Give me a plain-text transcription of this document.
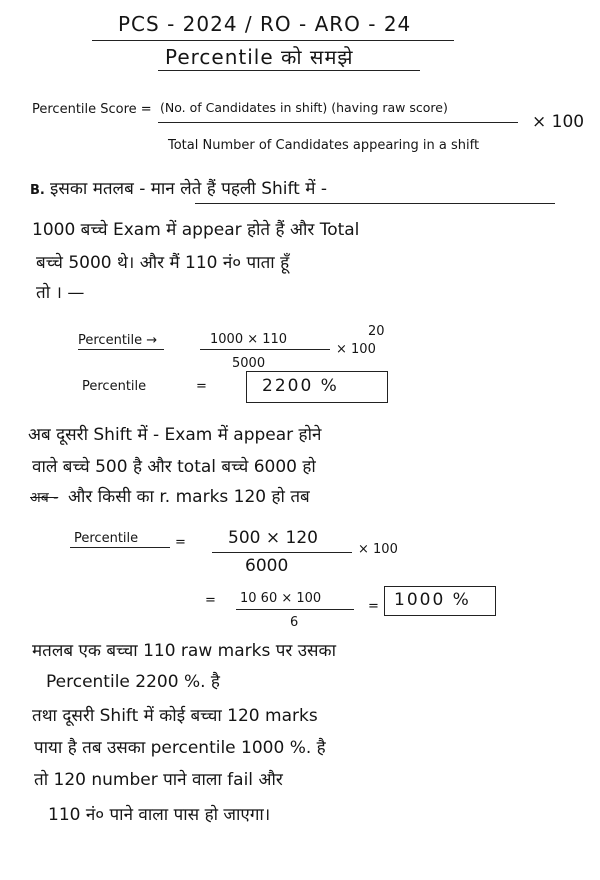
PCS - 2024 / RO - ARO - 24
Percentile को समझे
Percentile Score = (No. of Candidates in shift) (having raw score)
× 100
Total Number of Candidates appearing in a shift
B. इसका मतलब - मान लेते हैं पहली Shift में -
1000 बच्चे Exam में appear होते हैं और Total
बच्चे 5000 थे। और मैं 110 नं० पाता हूँ
तो । —
Percentile →	1000 × 110
5000
× 100
20
Percentile	=	2200 %
अब दूसरी Shift में - Exam में appear होने
वाले बच्चे 500 है और total बच्चे 6000 हो
अब - और किसी का r. marks 120 हो तब
Percentile	= 500 × 120
6000
× 100
= 10 60 × 100
6
= 1000 %
मतलब एक बच्चा 110 raw marks पर उसका
Percentile 2200 %. है
तथा दूसरी Shift में कोई बच्चा 120 marks
पाया है तब उसका percentile 1000 %. है
तो 120 number पाने वाला fail और
110 नं० पाने वाला पास हो जाएगा।
